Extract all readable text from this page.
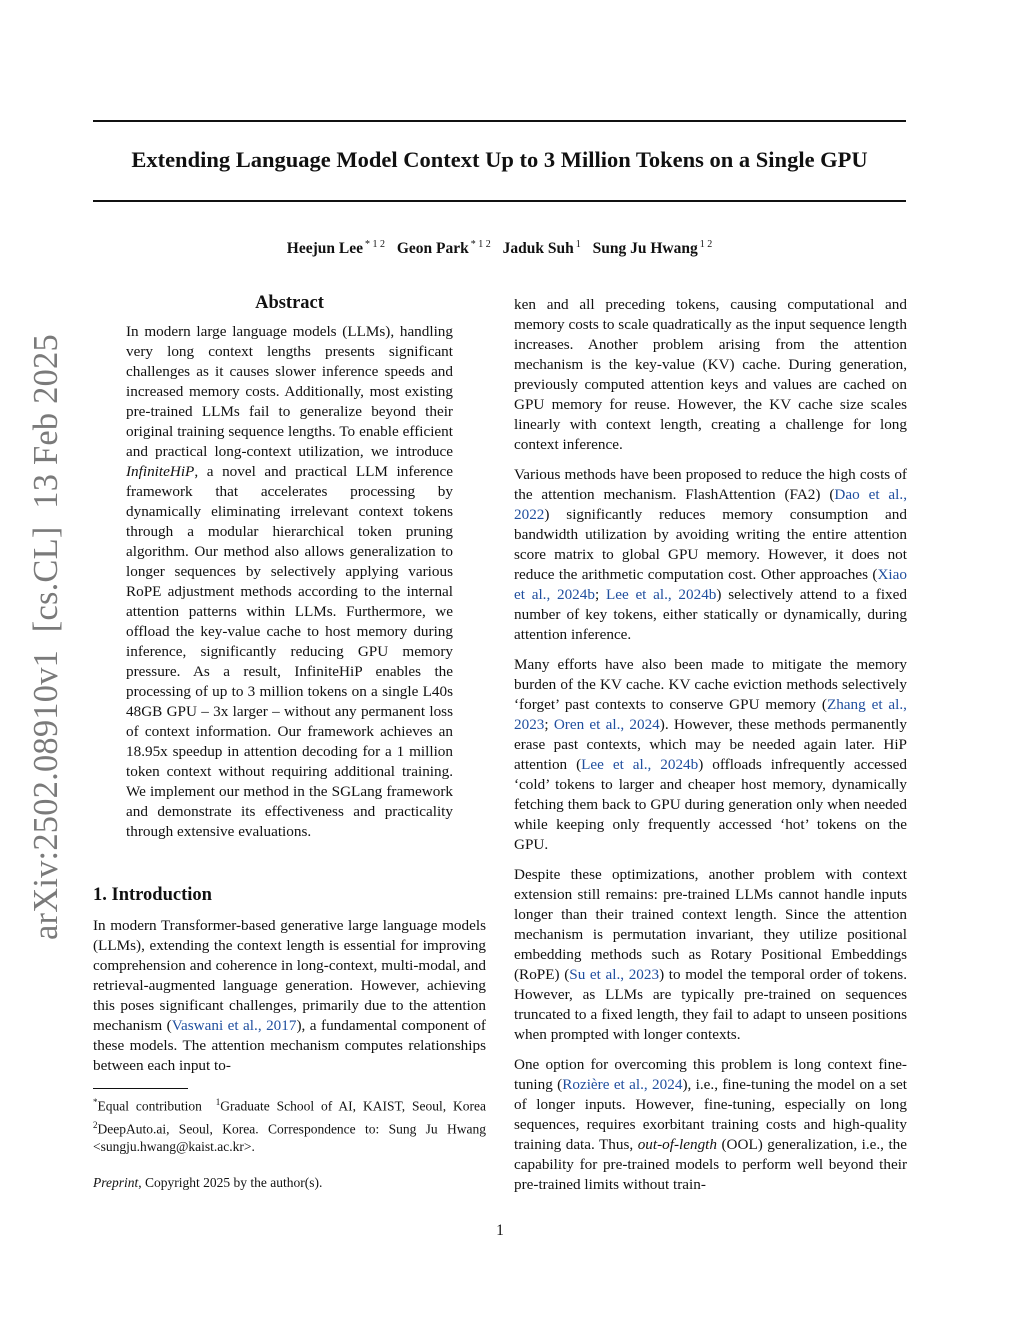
Extending Language Model Context Up to 3 Million Tokens on a Single GPU
Heejun Lee $^{* 1 2}$ Geon Park $^{* 1 2}$ Jaduk Suh $^1$ Sung Ju Hwang $^{1 2}$
arXiv:2502.08910v1  [cs.CL]  13 Feb 2025
Abstract
In modern large language models (LLMs), handling very long context lengths presents significant challenges as it causes slower inference speeds and increased memory costs. Additionally, most existing pre-trained LLMs fail to generalize beyond their original training sequence lengths. To enable efficient and practical long-context utilization, we introduce InfiniteHiP, a novel and practical LLM inference framework that accelerates processing by dynamically eliminating irrelevant context tokens through a modular hierarchical token pruning algorithm. Our method also allows generalization to longer sequences by selectively applying various RoPE adjustment methods according to the internal attention patterns within LLMs. Furthermore, we offload the key-value cache to host memory during inference, significantly reducing GPU memory pressure. As a result, InfiniteHiP enables the processing of up to 3 million tokens on a single L40s 48GB GPU – 3x larger – without any permanent loss of context information. Our framework achieves an 18.95x speedup in attention decoding for a 1 million token context without requiring additional training. We implement our method in the SGLang framework and demonstrate its effectiveness and practicality through extensive evaluations.
1. Introduction

In modern Transformer-based generative large language models (LLMs), extending the context length is essential for improving comprehension and coherence in long-context, multi-modal, and retrieval-augmented language generation. However, achieving this poses significant challenges, primarily due to the attention mechanism (Vaswani et al., 2017), a fundamental component of these models. The attention mechanism computes relationships between each input to-

*Equal contribution $^1$Graduate School of AI, KAIST, Seoul, Korea $^2$DeepAuto.ai, Seoul, Korea. Correspondence to: Sung Ju Hwang <sungju.hwang@kaist.ac.kr>.
Preprint, Copyright 2025 by the author(s).

ken and all preceding tokens, causing computational and memory costs to scale quadratically as the input sequence length increases. Another problem arising from the attention mechanism is the key-value (KV) cache. During generation, previously computed attention keys and values are cached on GPU memory for reuse. However, the KV cache size scales linearly with context length, creating a challenge for long context inference.

Various methods have been proposed to reduce the high costs of the attention mechanism. FlashAttention (FA2) (Dao et al., 2022) significantly reduces memory consumption and bandwidth utilization by avoiding writing the entire attention score matrix to global GPU memory. However, it does not reduce the arithmetic computation cost. Other approaches (Xiao et al., 2024b; Lee et al., 2024b) selectively attend to a fixed number of key tokens, either statically or dynamically, during attention inference.

Many efforts have also been made to mitigate the memory burden of the KV cache. KV cache eviction methods selectively ‘forget’ past contexts to conserve GPU memory (Zhang et al., 2023; Oren et al., 2024). However, these methods permanently erase past contexts, which may be needed again later. HiP attention (Lee et al., 2024b) offloads infrequently accessed ‘cold’ tokens to larger and cheaper host memory, dynamically fetching them back to GPU during generation only when needed while keeping only frequently accessed ‘hot’ tokens on the GPU.

Despite these optimizations, another problem with context extension still remains: pre-trained LLMs cannot handle inputs longer than their trained context length. Since the attention mechanism is permutation invariant, they utilize positional embedding methods such as Rotary Positional Embeddings (RoPE) (Su et al., 2023) to model the temporal order of tokens. However, as LLMs are typically pre-trained on sequences truncated to a fixed length, they fail to adapt to unseen positions when prompted with longer contexts.

One option for overcoming this problem is long context fine-tuning (Rozière et al., 2024), i.e., fine-tuning the model on a set of longer inputs. However, fine-tuning, especially on long sequences, requires exorbitant training costs and high-quality training data. Thus, out-of-length (OOL) generalization, i.e., the capability for pre-trained models to perform well beyond their pre-trained limits without train-

1
